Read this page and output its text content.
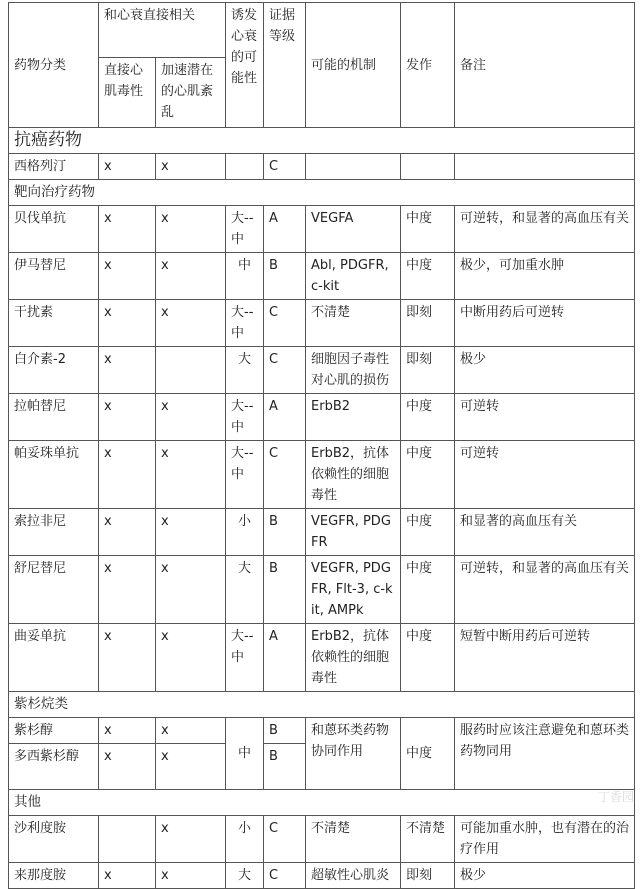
药物分类	和心衰直接相关		诱发心衰的可能性	证据等级	可能的机制	发作	备注
	直接心肌毒性	加速潜在的心肌紊乱					
抗癌药物							
西格列汀	x	x		C			
靶向治疗药物							
贝伐单抗	x	x	大--中	A	VEGFA	中度	可逆转，和显著的高血压有关
伊马替尼	x	x	中	B	Abl, PDGFR, c-kit	中度	极少，可加重水肿
干扰素	x	x	大--中	C	不清楚	即刻	中断用药后可逆转
白介素-2	x		大	C	细胞因子毒性对心肌的损伤	即刻	极少
拉帕替尼	x	x	大--中	A	ErbB2	中度	可逆转
帕妥珠单抗	x	x	大--中	C	ErbB2，抗体依赖性的细胞毒性	中度	可逆转
索拉非尼	x	x	小	B	VEGFR, PDGFR	中度	和显著的高血压有关
舒尼替尼	x	x	大	B	VEGFR, PDGFR, Flt-3, c-kit, AMPk	中度	可逆转，和显著的高血压有关
曲妥单抗	x	x	大--中	A	ErbB2，抗体依赖性的细胞毒性	中度	短暂中断用药后可逆转
紫杉烷类							
紫杉醇	x	x	中	B	和蒽环类药物协同作用	中度	服药时应该注意避免和蒽环类药物同用
多西紫杉醇	x	x		B			
其他							
沙利度胺		x	小	C	不清楚	不清楚	可能加重水肿，也有潜在的治疗作用
来那度胺	x	x	大	C	超敏性心肌炎	即刻	极少
丁香园
